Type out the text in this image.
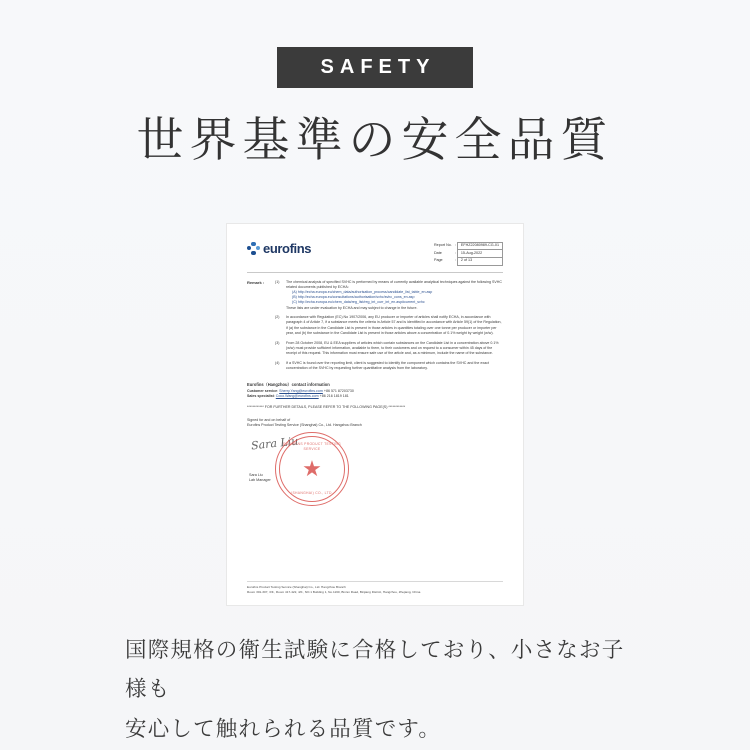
SAFETY
世界基準の安全品質
eurofins	Report No.	:	EFHZ22080989-CG-01
Date	:	15-Aug-2022
Page	:	2 of 13
Remark :	(1)	The chemical analysis of specified SVHC is performed by means of currently available analytical techniques against the following SVHC related documents published by ECHA:
(A) http://echa.europa.eu/chem_data/authorisation_process/candidate_list_table_en.asp
(B) http://echa.europa.eu/consultations/authorisation/svhc/svhc_cons_en.asp
(C) http://echa.europa.eu/chem_data/reg_list/reg_int_curr_int_en.asp#current_svhc
These lists are under evaluation by ECHA and may subject to change in the future.
(2)	In accordance with Regulation (EC) No 1907/2006, any EU producer or importer of articles shall notify ECHA, in accordance with paragraph 4 of Article 7, if a substance meets the criteria in Article 57 and is identified in accordance with Article 59(1) of the Regulation, if (a) the substance in the Candidate List is present in those articles in quantities totaling over one tonne per producer or importer per year, and (b) the substance in the Candidate List is present in those articles above a concentration of 0.1% weight by weight (w/w).
(3)	From 28 October 2008, EU & EEA suppliers of articles which contain substances on the Candidate List in a concentration above 0.1% (w/w) must provide sufficient information, available to them, to their customers and on request to a consumer within 45 days of the receipt of this request. This information must ensure safe use of the article and, as a minimum, include the name of the substance.
(4)	If a SVHC is found over the reporting limit, client is suggested to identify the component which contains the SVHC and the exact concentration of the SVHC by requesting further quantitative analysis from the laboratory.
Eurofins（Hangzhou）contact information
Customer service: Sherry.Yang@eurofins.com +86 571 87203730
Sales specialist: Coco.Wang@eurofins.com +86 216 1819 181
************ FOR FURTHER DETAILS, PLEASE REFER TO THE FOLLOWING PAGE(S) ************
Signed for and on behalf of
Eurofins Product Testing Service (Shanghai) Co., Ltd. Hangzhou Branch
Sara Liu
EUROFINS PRODUCT TESTING SERVICE
★
(SHANGHAI) CO., LTD.
Sara Liu
Lab Manager
Eurofins Product Testing Service (Shanghai) Co., Ltd. Hangzhou Branch
Room 301-307, 3/F., Room 417-422, 4/F., NO.1 Building 1, No.1160, Bin'an Road, Binjiang District, Hangzhou, Zhejiang, China
国際規格の衛生試験に合格しており、小さなお子様も
安心して触れられる品質です。
